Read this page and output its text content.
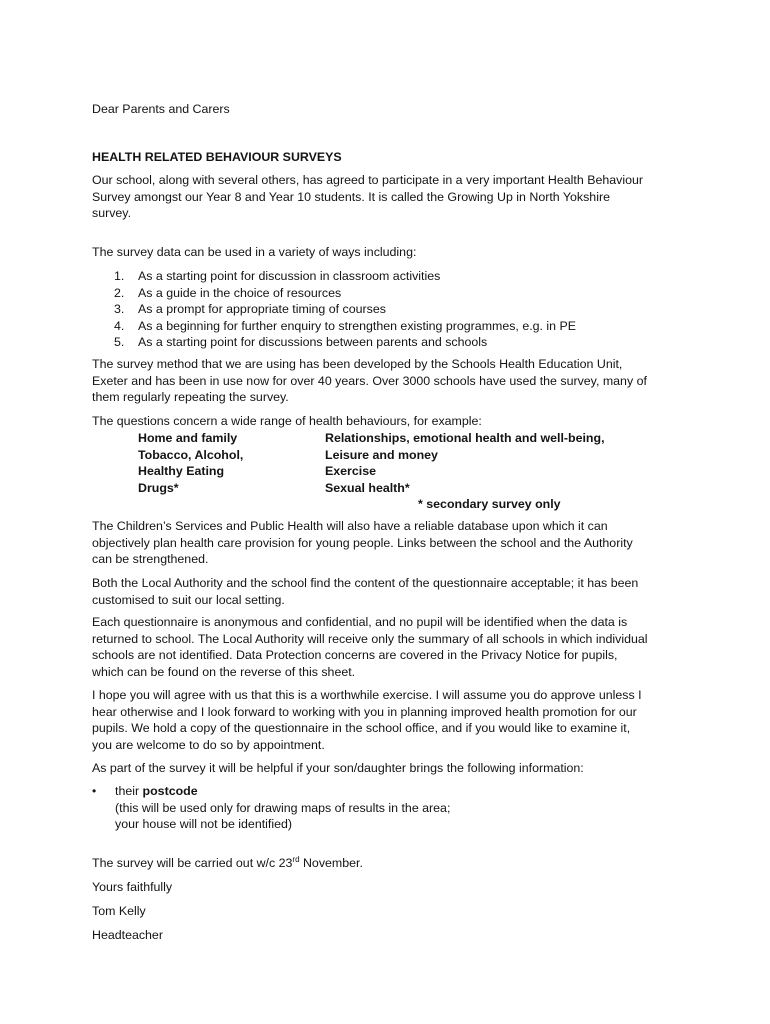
Dear Parents and Carers

HEALTH RELATED BEHAVIOUR SURVEYS

Our school, along with several others, has agreed to participate in a very important Health Behaviour Survey amongst our Year 8 and Year 10 students. It is called the Growing Up in North Yokshire survey.

The survey data can be used in a variety of ways including:

1. As a starting point for discussion in classroom activities
2. As a guide in the choice of resources
3. As a prompt for appropriate timing of courses
4. As a beginning for further enquiry to strengthen existing programmes, e.g. in PE
5. As a starting point for discussions between parents and schools

The survey method that we are using has been developed by the Schools Health Education Unit, Exeter and has been in use now for over 40 years. Over 3000 schools have used the survey, many of them regularly repeating the survey.

The questions concern a wide range of health behaviours, for example:

Home and family	Relationships, emotional health and well-being,
Tobacco, Alcohol,	Leisure and money
Healthy Eating	Exercise
Drugs*	Sexual health*
* secondary survey only

The Children’s Services and Public Health will also have a reliable database upon which it can objectively plan health care provision for young people. Links between the school and the Authority can be strengthened.

Both the Local Authority and the school find the content of the questionnaire acceptable; it has been customised to suit our local setting.

Each questionnaire is anonymous and confidential, and no pupil will be identified when the data is returned to school. The Local Authority will receive only the summary of all schools in which individual schools are not identified. Data Protection concerns are covered in the Privacy Notice for pupils, which can be found on the reverse of this sheet.

I hope you will agree with us that this is a worthwhile exercise. I will assume you do approve unless I hear otherwise and I look forward to working with you in planning improved health promotion for our pupils. We hold a copy of the questionnaire in the school office, and if you would like to examine it, you are welcome to do so by appointment.

As part of the survey it will be helpful if your son/daughter brings the following information:

• their postcode
(this will be used only for drawing maps of results in the area;
your house will not be identified)

The survey will be carried out w/c 23rd November.

Yours faithfully

Tom Kelly

Headteacher
